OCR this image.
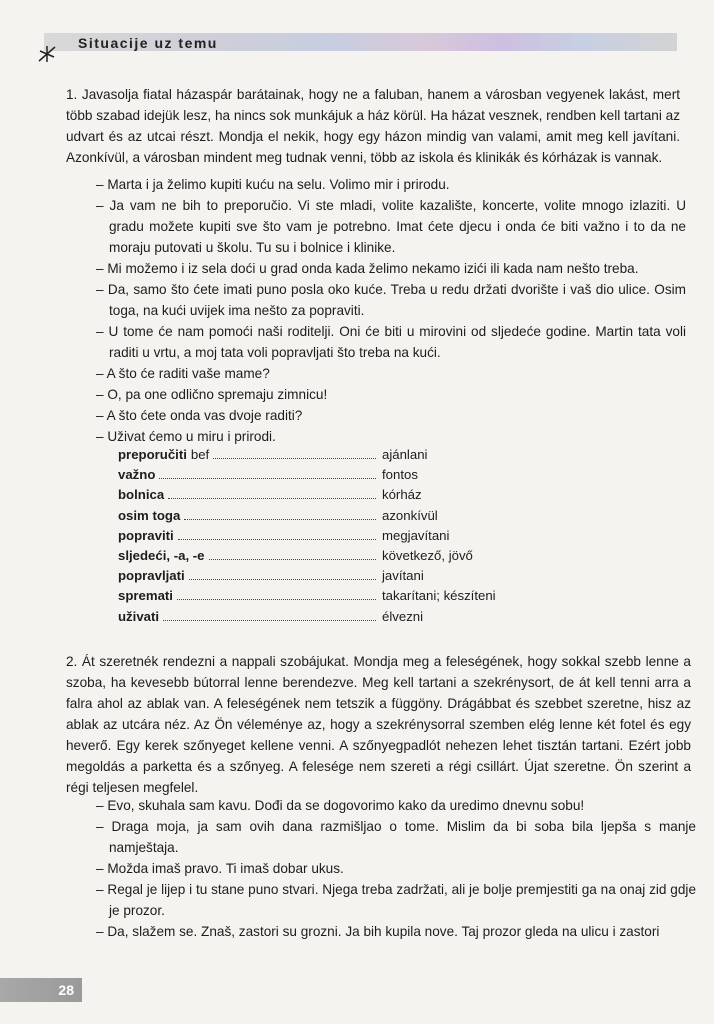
Situacije uz temu

1. Javasolja fiatal házaspár barátainak, hogy ne a faluban, hanem a városban vegyenek lakást, mert több szabad idejük lesz, ha nincs sok munkájuk a ház körül. Ha házat vesznek, rendben kell tartani az udvart és az utcai részt. Mondja el nekik, hogy egy házon mindig van valami, amit meg kell javítani. Azonkívül, a városban mindent meg tudnak venni, több az iskola és klinikák és kórházak is vannak.

– Marta i ja želimo kupiti kuću na selu. Volimo mir i prirodu.
– Ja vam ne bih to preporučio. Vi ste mladi, volite kazalište, koncerte, volite mnogo izlaziti. U gradu možete kupiti sve što vam je potrebno. Imat ćete djecu i onda će biti važno i to da ne moraju putovati u školu. Tu su i bolnice i klinike.
– Mi možemo i iz sela doći u grad onda kada želimo nekamo izići ili kada nam nešto treba.
– Da, samo što ćete imati puno posla oko kuće. Treba u redu držati dvorište i vaš dio ulice. Osim toga, na kući uvijek ima nešto za popraviti.
– U tome će nam pomoći naši roditelji. Oni će biti u mirovini od sljedeće godine. Martin tata voli raditi u vrtu, a moj tata voli popravljati što treba na kući.
– A što će raditi vaše mame?
– O, pa one odlično spremaju zimnicu!
– A što ćete onda vas dvoje raditi?
– Uživat ćemo u miru i prirodi.
preporučiti bef	ajánlani
važno	fontos
bolnica	kórház
osim toga	azonkívül
popraviti	megjavítani
sljedeći, -a, -e	következő, jövő
popravljati	javítani
spremati	takarítani; készíteni
uživati	élvezni

2. Át szeretnék rendezni a nappali szobájukat. Mondja meg a feleségének, hogy sokkal szebb lenne a szoba, ha kevesebb bútorral lenne berendezve. Meg kell tartani a szekrénysort, de át kell tenni arra a falra ahol az ablak van. A feleségének nem tetszik a függöny. Drágábbat és szebbet szeretne, hisz az ablak az utcára néz. Az Ön véleménye az, hogy a szekrénysorral szemben elég lenne két fotel és egy heverő. Egy kerek szőnyeget kellene venni. A szőnyegpadlót nehezen lehet tisztán tartani. Ezért jobb megoldás a parketta és a szőnyeg. A felesége nem szereti a régi csillárt. Újat szeretne. Ön szerint a régi teljesen megfelel.

– Evo, skuhala sam kavu. Dođi da se dogovorimo kako da uredimo dnevnu sobu!
– Draga moja, ja sam ovih dana razmišljao o tome. Mislim da bi soba bila ljepša s manje namještaja.
– Možda imaš pravo. Ti imaš dobar ukus.
– Regal je lijep i tu stane puno stvari. Njega treba zadržati, ali je bolje premjestiti ga na onaj zid gdje je prozor.
– Da, slažem se. Znaš, zastori su grozni. Ja bih kupila nove. Taj prozor gleda na ulicu i zastori
28
